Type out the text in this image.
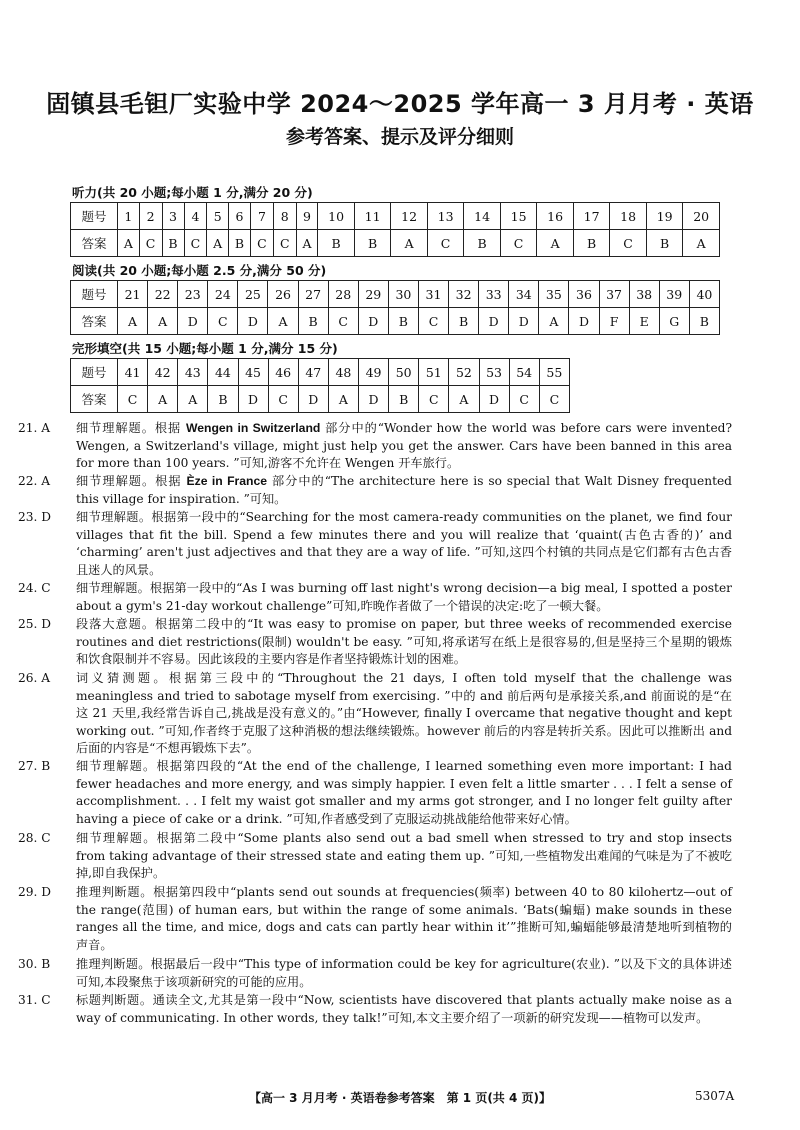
固镇县毛钽厂实验中学 2024～2025 学年高一 3 月月考 · 英语
参考答案、提示及评分细则
听力(共 20 小题;每小题 1 分,满分 20 分)
题号	1	2	3	4	5	6	7	8	9	10	11	12	13	14	15	16	17	18	19	20
答案	A	C	B	C	A	B	C	C	A	B	B	A	C	B	C	A	B	C	B	A
阅读(共 20 小题;每小题 2.5 分,满分 50 分)
题号	21	22	23	24	25	26	27	28	29	30	31	32	33	34	35	36	37	38	39	40
答案	A	A	D	C	D	A	B	C	D	B	C	B	D	D	A	D	F	E	G	B
完形填空(共 15 小题;每小题 1 分,满分 15 分)
题号	41	42	43	44	45	46	47	48	49	50	51	52	53	54	55
答案	C	A	A	B	D	C	D	A	D	B	C	A	D	C	C
21. A	细节理解题。根据 Wengen in Switzerland 部分中的“Wonder how the world was before cars were invented? Wengen, a Switzerland's village, might just help you get the answer. Cars have been banned in this area for more than 100 years. ”可知,游客不允许在 Wengen 开车旅行。
22. A	细节理解题。根据 Èze in France 部分中的“The architecture here is so special that Walt Disney frequented this village for inspiration. ”可知。
23. D	细节理解题。根据第一段中的“Searching for the most camera-ready communities on the planet, we find four villages that fit the bill. Spend a few minutes there and you will realize that ‘quaint(古色古香的)’ and ‘charming’ aren't just adjectives and that they are a way of life. ”可知,这四个村镇的共同点是它们都有古色古香且迷人的风景。
24. C	细节理解题。根据第一段中的“As I was burning off last night's wrong decision—a big meal, I spotted a poster about a gym's 21-day workout challenge”可知,昨晚作者做了一个错误的决定:吃了一顿大餐。
25. D	段落大意题。根据第二段中的“It was easy to promise on paper, but three weeks of recommended exercise routines and diet restrictions(限制) wouldn't be easy. ”可知,将承诺写在纸上是很容易的,但是坚持三个星期的锻炼和饮食限制并不容易。因此该段的主要内容是作者坚持锻炼计划的困难。
26. A	词义猜测题。根据第三段中的“Throughout the 21 days, I often told myself that the challenge was meaningless and tried to sabotage myself from exercising. ”中的 and 前后两句是承接关系,and 前面说的是“在这 21 天里,我经常告诉自己,挑战是没有意义的。”由“However, finally I overcame that negative thought and kept working out. ”可知,作者终于克服了这种消极的想法继续锻炼。however 前后的内容是转折关系。因此可以推断出 and 后面的内容是“不想再锻炼下去”。
27. B	细节理解题。根据第四段的“At the end of the challenge, I learned something even more important: I had fewer headaches and more energy, and was simply happier. I even felt a little smarter . . . I felt a sense of accomplishment. . . I felt my waist got smaller and my arms got stronger, and I no longer felt guilty after having a piece of cake or a drink. ”可知,作者感受到了克服运动挑战能给他带来好心情。
28. C	细节理解题。根据第二段中“Some plants also send out a bad smell when stressed to try and stop insects from taking advantage of their stressed state and eating them up. ”可知,一些植物发出难闻的气味是为了不被吃掉,即自我保护。
29. D	推理判断题。根据第四段中“plants send out sounds at frequencies(频率) between 40 to 80 kilohertz—out of the range(范围) of human ears, but within the range of some animals. ‘Bats(蝙蝠) make sounds in these ranges all the time, and mice, dogs and cats can partly hear within it’”推断可知,蝙蝠能够最清楚地听到植物的声音。
30. B	推理判断题。根据最后一段中“This type of information could be key for agriculture(农业). ”以及下文的具体讲述可知,本段聚焦于该项新研究的可能的应用。
31. C	标题判断题。通读全文,尤其是第一段中“Now, scientists have discovered that plants actually make noise as a way of communicating. In other words, they talk!”可知,本文主要介绍了一项新的研究发现——植物可以发声。
【高一 3 月月考 · 英语卷参考答案　第 1 页(共 4 页)】	5307A
